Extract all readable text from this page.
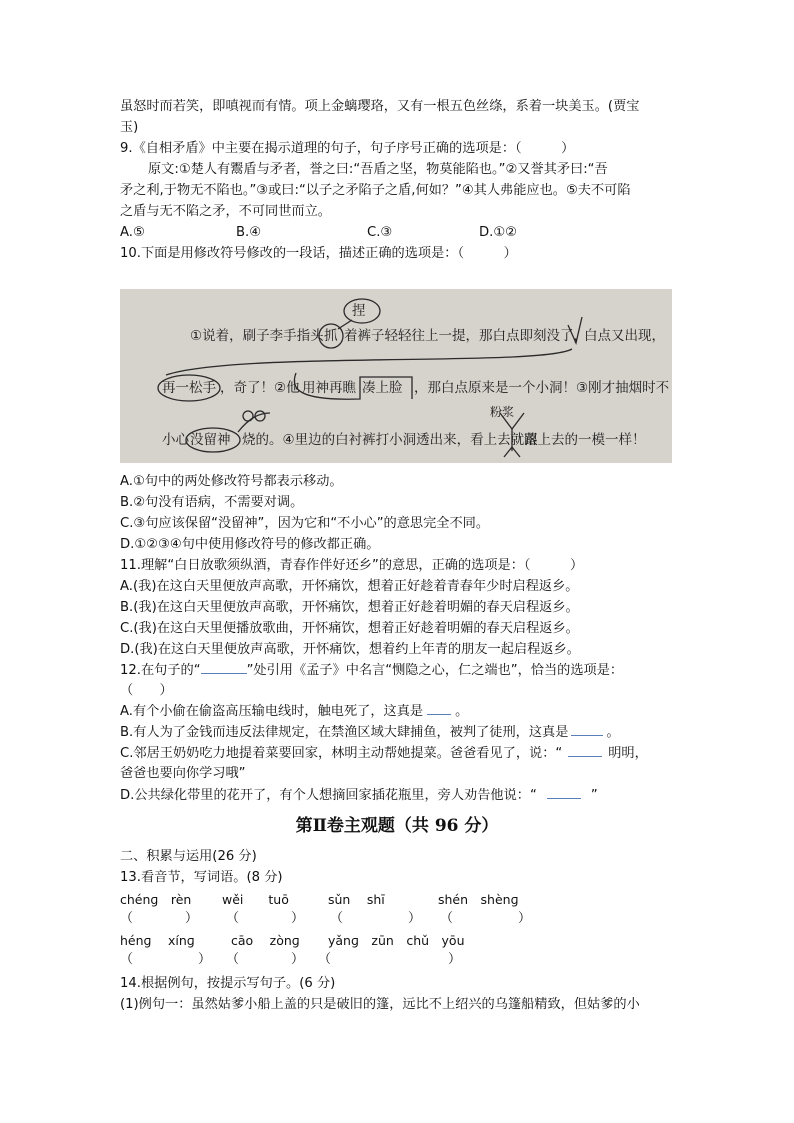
虽怒时而若笑，即嗔视而有情。项上金螭璎珞，又有一根五色丝绦，系着一块美玉。(贾宝
玉)
9.《自相矛盾》中主要在揭示道理的句子，句子序号正确的选项是：（　　　）
原文:①楚人有鬻盾与矛者，誉之曰:“吾盾之坚，物莫能陷也。”②又誉其矛曰:“吾
矛之利,于物无不陷也。”③或曰:“以子之矛陷子之盾,何如？”④其人弗能应也。⑤夫不可陷
之盾与无不陷之矛，不可同世而立。
A.⑤	B.④	C.③	D.①②
10.下面是用修改符号修改的一段话，描述正确的选项是：（　　　）
捏
①说着，刷子李手指头 抓 着裤子轻轻往上一提，那白点即刻没了，
白点又出现，
再一松手 ，奇了！②他 用神再瞧 凑上脸 ，那白点原来是一个小洞！③刚才抽烟时不
粉浆
小心 没留神 烧的。④里边的白衬裤打小洞透出来，看上去就跟
落上去的一模一样！
A.①句中的两处修改符号都表示移动。
B.②句没有语病，不需要对调。
C.③句应该保留“没留神”，因为它和“不小心”的意思完全不同。
D.①②③④句中使用修改符号的修改都正确。
11.理解“白日放歌须纵酒，青春作伴好还乡”的意思，正确的选项是：（　　　）
A.(我)在这白天里便放声高歌，开怀痛饮，想着正好趁着青春年少时启程返乡。
B.(我)在这白天里便放声高歌，开怀痛饮，想着正好趁着明媚的春天启程返乡。
C.(我)在这白天里便播放歌曲，开怀痛饮，想着正好趁着明媚的春天启程返乡。
D.(我)在这白天里便放声高歌，开怀痛饮，想着约上年青的朋友一起启程返乡。
12.在句子的“	”处引用《孟子》中名言“恻隐之心，仁之端也”，恰当的选项是：
（　　）
A.有个小偷在偷盗高压输电线时，触电死了，这真是 。
B.有人为了金钱而违反法律规定，在禁渔区域大肆捕鱼，被判了徒刑，这真是	。
C.邻居王奶奶吃力地提着菜要回家，林明主动帮她提菜。爸爸看见了，说：“	明明，
爸爸也要向你学习哦”
D.公共绿化带里的花开了，有个人想摘回家插花瓶里，旁人劝告他说：“	”
第Ⅱ卷主观题（共 96 分）
二、积累与运用(26 分)
13.看音节，写词语。(8 分)
chénɡ　rèn wěi　　tuō	sǔn　 shī	shén　shènɡ
（　　　　） （　　　　） （　　　　　） （　　　　　）
hénɡ　 xínɡ	cāo　 zònɡ yǎnɡ　zūn　chǔ　yōu
（　　　　　） （　　　　） （　　　　　　　　　）
14.根据例句，按提示写句子。(6 分)
(1)例句一：虽然姑爹小船上盖的只是破旧的篷，远比不上绍兴的乌篷船精致，但姑爹的小
